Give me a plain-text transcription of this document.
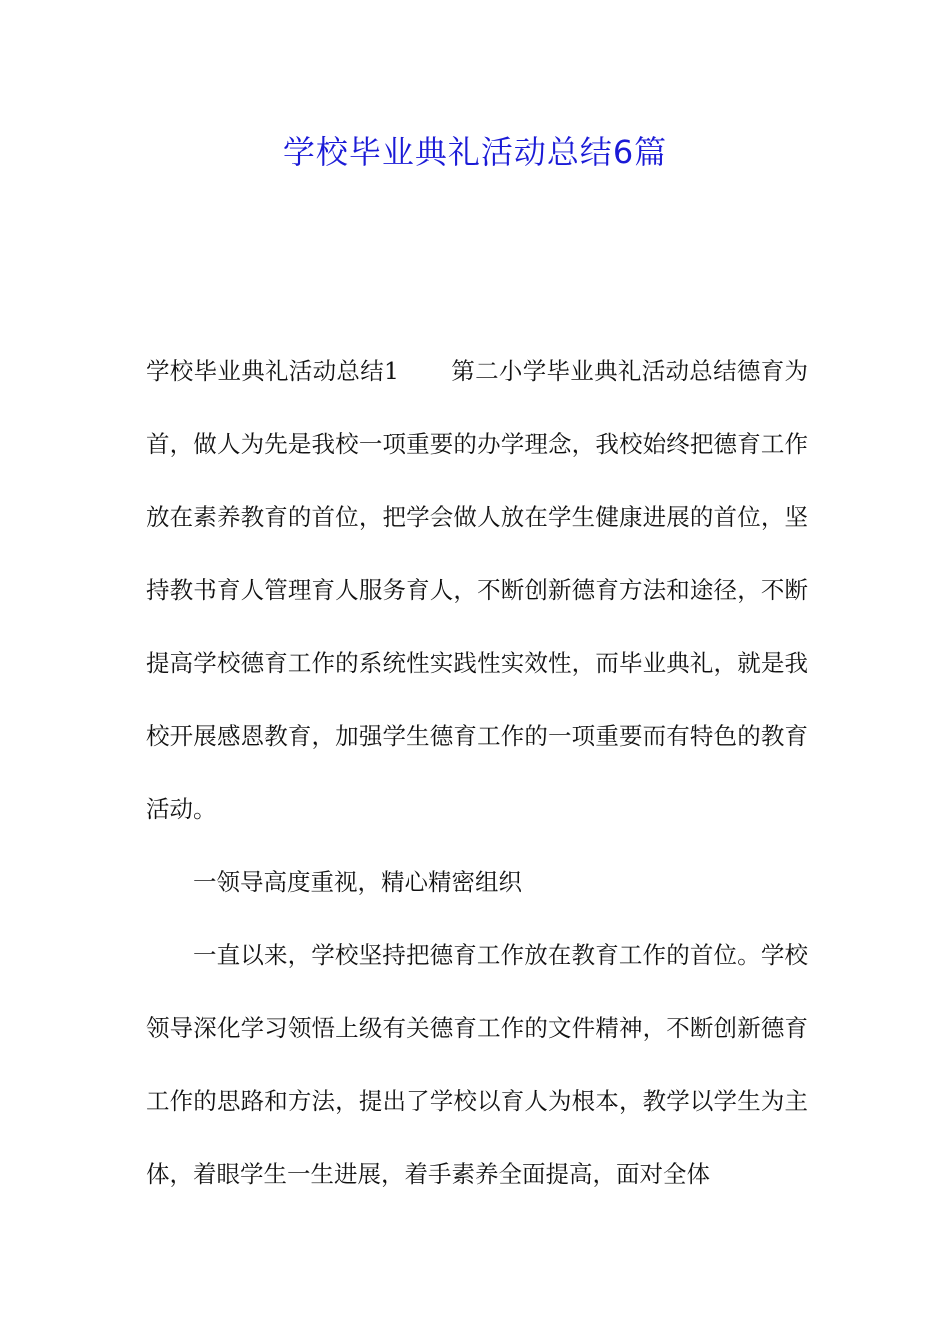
学校毕业典礼活动总结6篇

学校毕业典礼活动总结1 第二小学毕业典礼活动总结德育为首，做人为先是我校一项重要的办学理念，我校始终把德育工作放在素养教育的首位，把学会做人放在学生健康进展的首位，坚持教书育人管理育人服务育人，不断创新德育方法和途径，不断提高学校德育工作的系统性实践性实效性，而毕业典礼，就是我校开展感恩教育，加强学生德育工作的一项重要而有特色的教育活动。

一领导高度重视，精心精密组织

一直以来，学校坚持把德育工作放在教育工作的首位。学校领导深化学习领悟上级有关德育工作的文件精神，不断创新德育工作的思路和方法，提出了学校以育人为根本，教学以学生为主体，着眼学生一生进展，着手素养全面提高，面对全体
